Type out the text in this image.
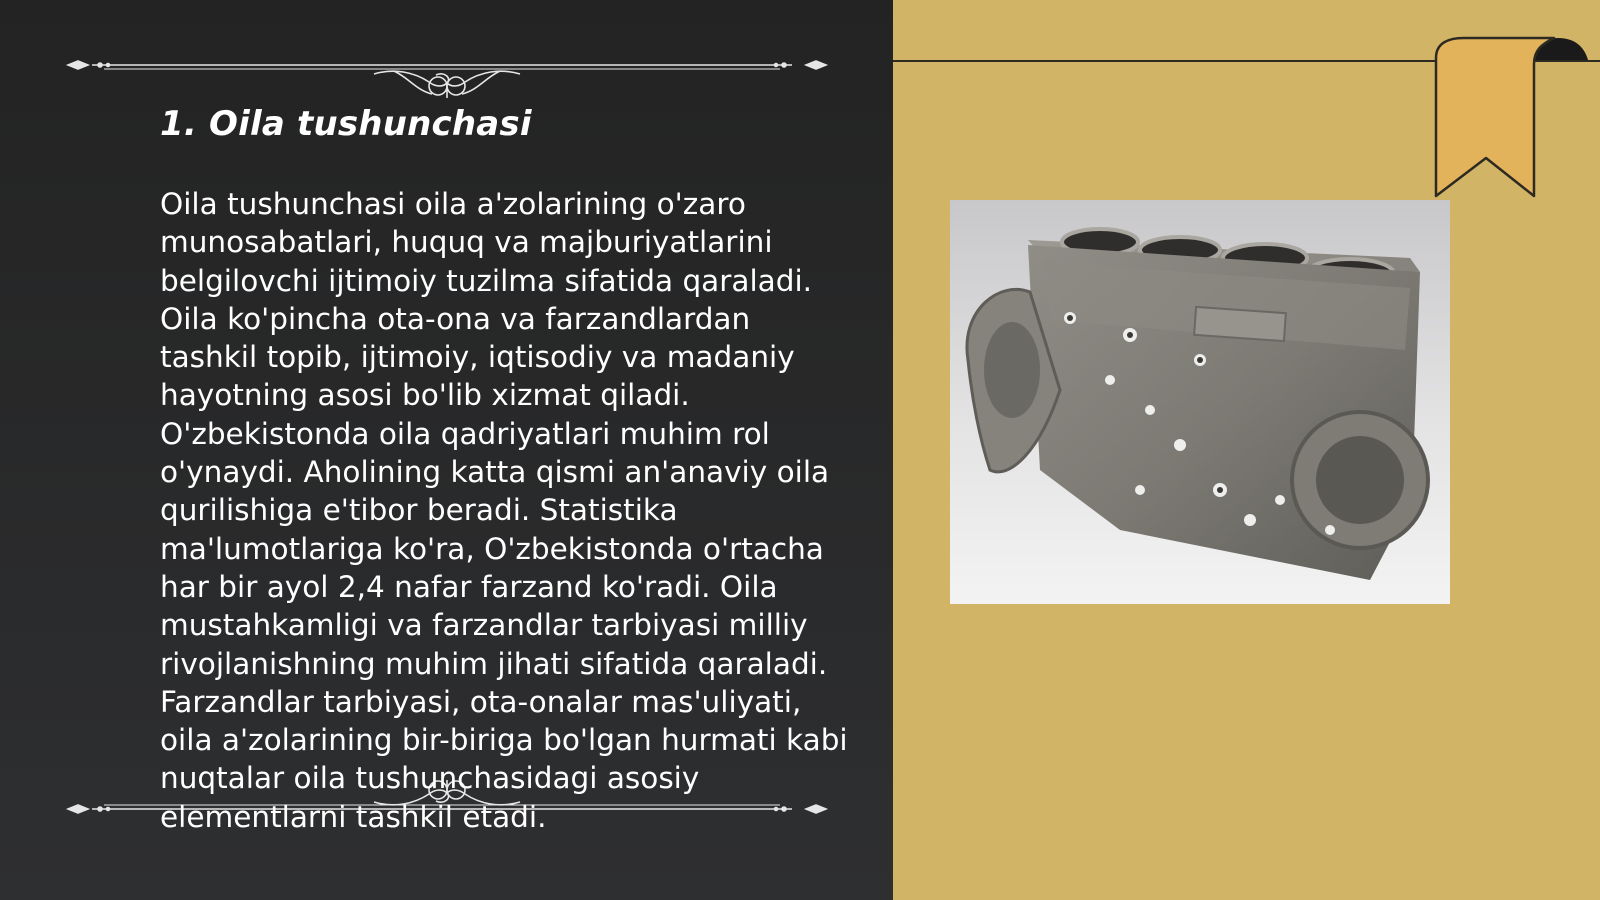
1. Oila tushunchasi

Oila tushunchasi oila a'zolarining o'zaro munosabatlari, huquq va majburiyatlarini belgilovchi ijtimoiy tuzilma sifatida qaraladi. Oila ko'pincha ota-ona va farzandlardan tashkil topib, ijtimoiy, iqtisodiy va madaniy hayotning asosi bo'lib xizmat qiladi. O'zbekistonda oila qadriyatlari muhim rol o'ynaydi. Aholining katta qismi an'anaviy oila qurilishiga e'tibor beradi. Statistika ma'lumotlariga ko'ra, O'zbekistonda o'rtacha har bir ayol 2,4 nafar farzand ko'radi. Oila mustahkamligi va farzandlar tarbiyasi milliy rivojlanishning muhim jihati sifatida qaraladi. Farzandlar tarbiyasi, ota-onalar mas'uliyati, oila a'zolarining bir-biriga bo'lgan hurmati kabi nuqtalar oila tushunchasidagi asosiy elementlarni tashkil etadi.
